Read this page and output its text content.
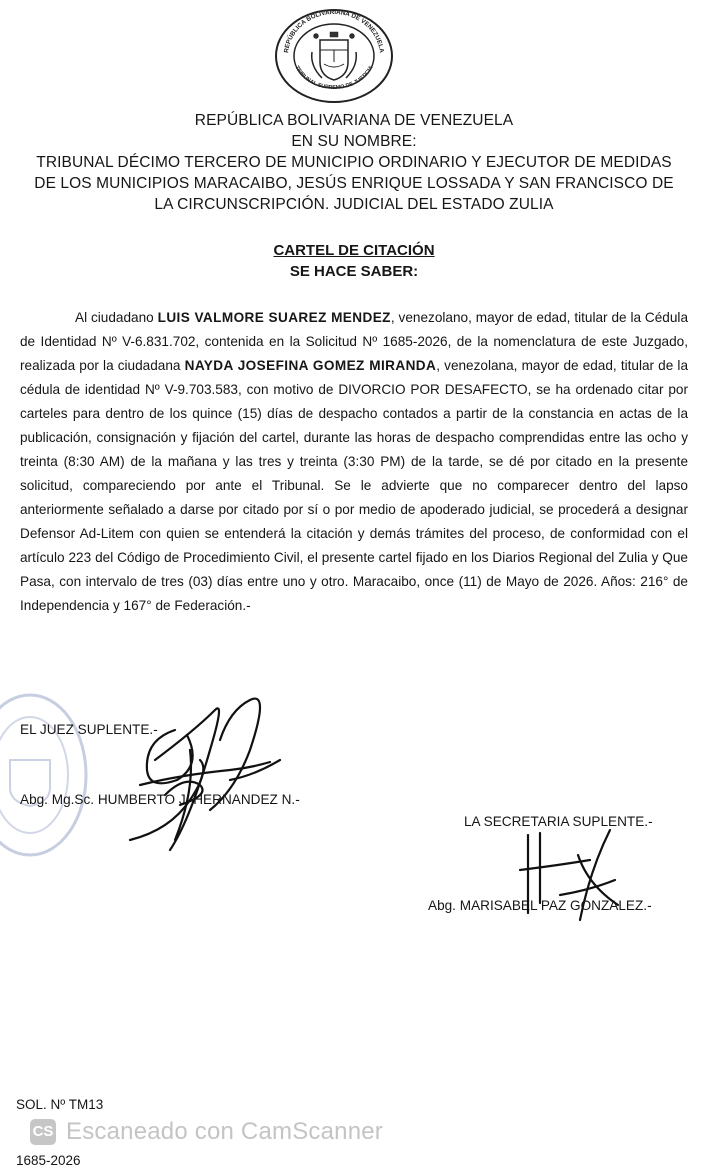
REPÚBLICA BOLIVARIANA DE VENEZUELA
TRIBUNAL SUPREMO DE JUSTICIA
REPÚBLICA BOLIVARIANA DE VENEZUELA
EN SU NOMBRE:
TRIBUNAL DÉCIMO TERCERO DE MUNICIPIO ORDINARIO Y EJECUTOR DE MEDIDAS
DE LOS MUNICIPIOS MARACAIBO, JESÚS ENRIQUE LOSSADA Y SAN FRANCISCO DE
LA CIRCUNSCRIPCIÓN. JUDICIAL DEL ESTADO ZULIA
CARTEL DE CITACIÓN
SE HACE SABER:
Al ciudadano LUIS VALMORE SUAREZ MENDEZ, venezolano, mayor de edad, titular de la Cédula de Identidad Nº V-6.831.702, contenida en la Solicitud Nº 1685-2026, de la nomenclatura de este Juzgado, realizada por la ciudadana NAYDA JOSEFINA GOMEZ MIRANDA, venezolana, mayor de edad, titular de la cédula de identidad Nº V-9.703.583, con motivo de DIVORCIO POR DESAFECTO, se ha ordenado citar por carteles para dentro de los quince (15) días de despacho contados a partir de la constancia en actas de la publicación, consignación y fijación del cartel, durante las horas de despacho comprendidas entre las ocho y treinta (8:30 AM) de la mañana y las tres y treinta (3:30 PM) de la tarde, se dé por citado en la presente solicitud, compareciendo por ante el Tribunal. Se le advierte que no comparecer dentro del lapso anteriormente señalado a darse por citado por sí o por medio de apoderado judicial, se procederá a designar Defensor Ad-Litem con quien se entenderá la citación y demás trámites del proceso, de conformidad con el artículo 223 del Código de Procedimiento Civil, el presente cartel fijado en los Diarios Regional del Zulia y Que Pasa, con intervalo de tres (03) días entre uno y otro. Maracaibo, once (11) de Mayo de 2026. Años: 216° de Independencia y 167° de Federación.-
EL JUEZ SUPLENTE.-
Abg. Mg.Sc. HUMBERTO J. HERNANDEZ N.-
LA SECRETARIA SUPLENTE.-
Abg. MARISABEL PAZ GONZALEZ.-
SOL. Nº TM13
1685-2026
CS Escaneado con CamScanner
